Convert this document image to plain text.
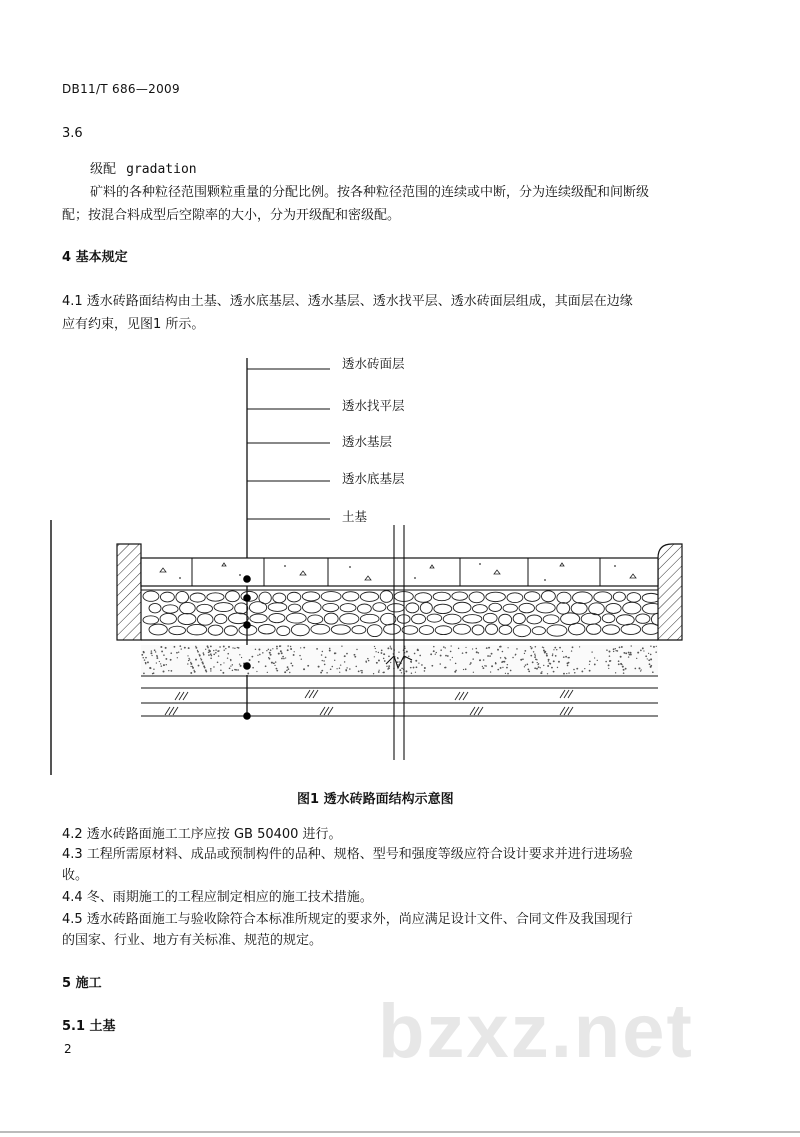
DB11/T 686—2009
3.6
级配 gradation
矿料的各种粒径范围颗粒重量的分配比例。按各种粒径范围的连续或中断，分为连续级配和间断级
配；按混合料成型后空隙率的大小，分为开级配和密级配。
4 基本规定
4.1 透水砖路面结构由土基、透水底基层、透水基层、透水找平层、透水砖面层组成，其面层在边缘
应有约束，见图1 所示。
透水砖面层
透水找平层
透水基层
透水底基层
土基
图1 透水砖路面结构示意图
4.2 透水砖路面施工工序应按 GB 50400 进行。
4.3 工程所需原材料、成品或预制构件的品种、规格、型号和强度等级应符合设计要求并进行进场验
收。
4.4 冬、雨期施工的工程应制定相应的施工技术措施。
4.5 透水砖路面施工与验收除符合本标准所规定的要求外，尚应满足设计文件、合同文件及我国现行
的国家、行业、地方有关标准、规范的规定。
5 施工
5.1 土基
2	bzxz.net
